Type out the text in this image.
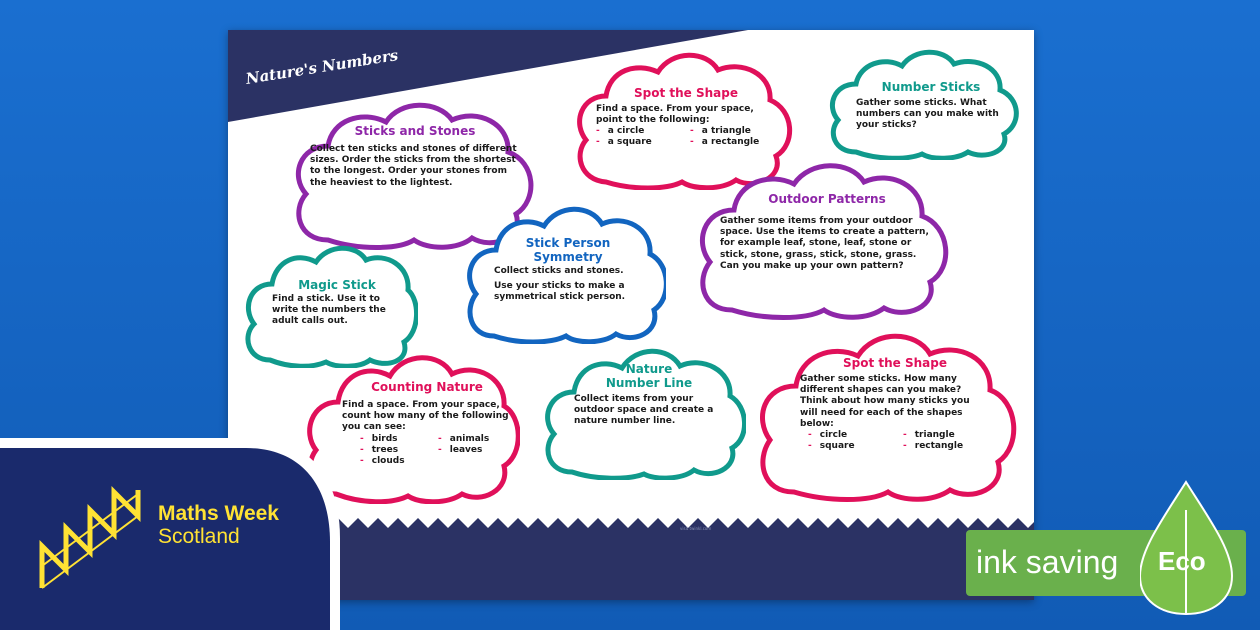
Nature's Numbers
visit twinkl.com
Sticks and Stones
Collect ten sticks and stones of different sizes. Order the sticks from the shortest to the longest. Order your stones from the heaviest to the lightest.
Spot the Shape
Find a space. From your space, point to the following:
- a circle	- a triangle
- a square	- a rectangle
Number Sticks
Gather some sticks. What numbers can you make with your sticks?
Outdoor Patterns
Gather some items from your outdoor space. Use the items to create a pattern, for example leaf, stone, leaf, stone or stick, stone, grass, stick, stone, grass. Can you make up your own pattern?
Stick Person Symmetry
Collect sticks and stones.
Use your sticks to make a symmetrical stick person.
Magic Stick
Find a stick. Use it to write the numbers the adult calls out.
Counting Nature
Find a space. From your space, count how many of the following you can see:
- birds	- animals
- trees	- leaves
- clouds
Nature Number Line
Collect items from your outdoor space and create a nature number line.
Spot the Shape
Gather some sticks. How many different shapes can you make? Think about how many sticks you will need for each of the shapes below:
- circle	- triangle
- square	- rectangle
Maths Week
Scotland
ink saving Eco
